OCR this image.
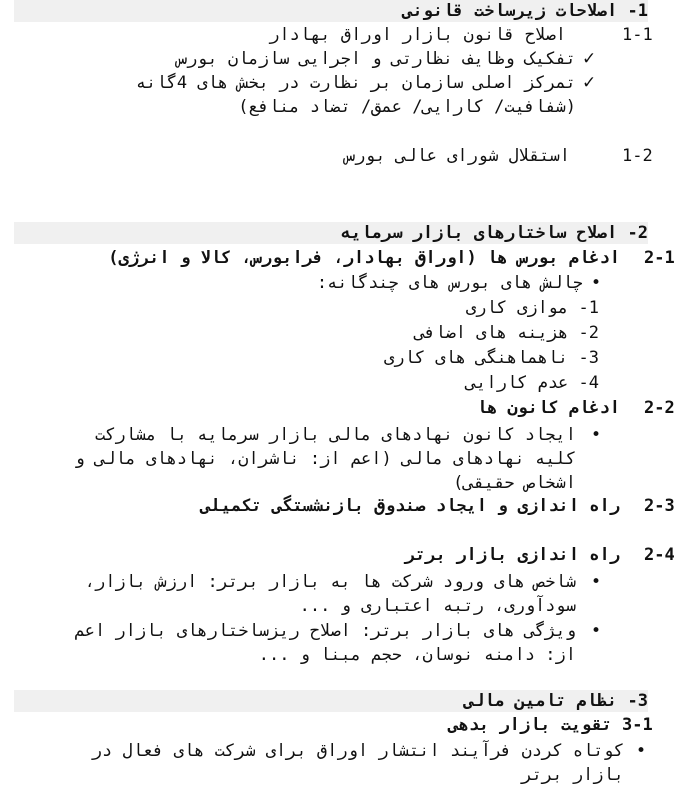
1- اصلاحات زیرساخت قانونی
1-1
اصلاح قانون بازار اوراق بهادار
✓
تفکیک وظایف نظارتی و اجرایی سازمان بورس
✓
تمرکز اصلی سازمان بر نظارت در بخش های 4گانه
(شفافیت/ کارایی/ عمق/ تضاد منافع)
1-2
استقلال شورای عالی بورس
2- اصلاح ساختارهای بازار سرمایه
2-1
ادغام بورس ها (اوراق بهادار، فرابورس، کالا و انرژی)
•
چالش های بورس های چندگانه:
1- موازی کاری
2- هزینه های اضافی
3- ناهماهنگی های کاری
4- عدم کارایی
2-2
ادغام کانون ها
•
ایجاد کانون نهادهای مالی بازار سرمایه با مشارکت
کلیه نهادهای مالی (اعم از: ناشران، نهادهای مالی و
اشخاص حقیقی)
2-3
راه اندازی و ایجاد صندوق بازنشستگی تکمیلی
2-4
راه اندازی بازار برتر
•
شاخص های ورود شرکت ها به بازار برتر: ارزش بازار،
سودآوری، رتبه اعتباری و ...
•
ویژگی های بازار برتر: اصلاح ریزساختارهای بازار اعم
از: دامنه نوسان، حجم مبنا و ...
3- نظام تامین مالی
3-1
تقویت بازار بدهی
•
کوتاه کردن فرآیند انتشار اوراق برای شرکت های فعال در
بازار برتر
